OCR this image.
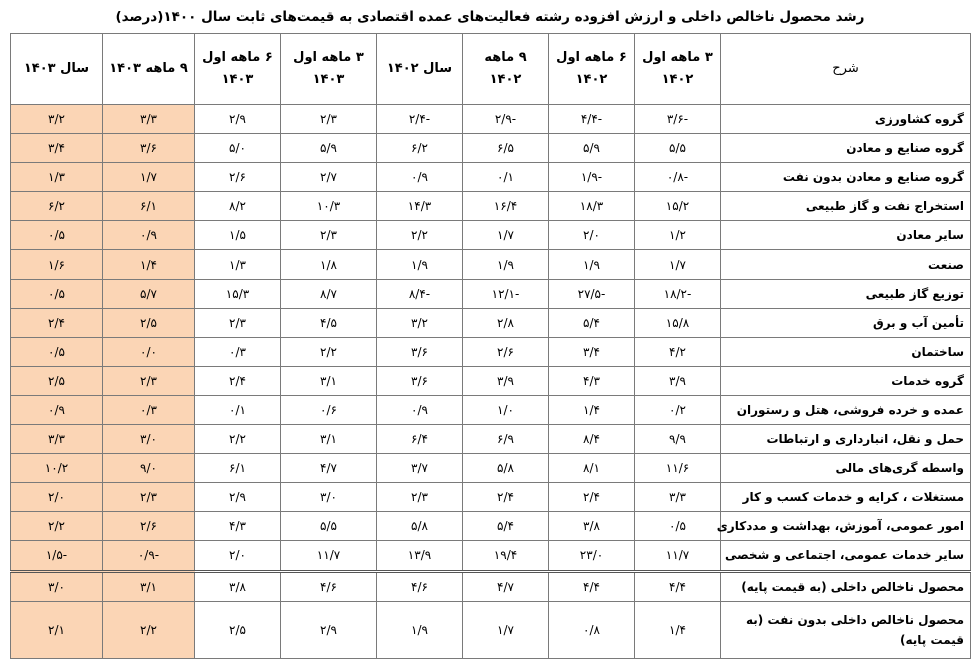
رشد محصول ناخالص داخلی و ارزش افزوده رشته فعالیت‌های عمده اقتصادی به قیمت‌های ثابت سال ۱۴۰۰(درصد)
شرح	۳ ماهه اول ۱۴۰۲	۶ ماهه اول ۱۴۰۲	۹ ماهه ۱۴۰۲	سال ۱۴۰۲	۳ ماهه اول ۱۴۰۳	۶ ماهه اول ۱۴۰۳	۹ ماهه ۱۴۰۳	سال ۱۴۰۳
گروه کشاورزی	-۳/۶	-۴/۴	-۲/۹	-۲/۴	۲/۳	۲/۹	۳/۳	۳/۲
گروه صنایع و معادن	۵/۵	۵/۹	۶/۵	۶/۲	۵/۹	۵/۰	۳/۶	۳/۴
گروه صنایع و معادن بدون نفت	-۰/۸	-۱/۹	۰/۱	۰/۹	۲/۷	۲/۶	۱/۷	۱/۳
استخراج نفت و گاز طبیعی	۱۵/۲	۱۸/۳	۱۶/۴	۱۴/۳	۱۰/۳	۸/۲	۶/۱	۶/۲
سایر معادن	۱/۲	۲/۰	۱/۷	۲/۲	۲/۳	۱/۵	۰/۹	۰/۵
صنعت	۱/۷	۱/۹	۱/۹	۱/۹	۱/۸	۱/۳	۱/۴	۱/۶
توزیع گاز طبیعی	-۱۸/۲	-۲۷/۵	-۱۲/۱	-۸/۴	۸/۷	۱۵/۳	۵/۷	۰/۵
تأمین آب و برق	۱۵/۸	۵/۴	۲/۸	۳/۲	۴/۵	۲/۳	۲/۵	۲/۴
ساختمان	۴/۲	۳/۴	۲/۶	۳/۶	۲/۲	۰/۳	۰/۰	۰/۵
گروه خدمات	۳/۹	۴/۳	۳/۹	۳/۶	۳/۱	۲/۴	۲/۳	۲/۵
عمده و خرده فروشی، هتل و رستوران	۰/۲	۱/۴	۱/۰	۰/۹	۰/۶	۰/۱	۰/۳	۰/۹
حمل و نقل، انبارداری و ارتباطات	۹/۹	۸/۴	۶/۹	۶/۴	۳/۱	۲/۲	۳/۰	۳/۳
واسطه گری‌های مالی	۱۱/۶	۸/۱	۵/۸	۳/۷	۴/۷	۶/۱	۹/۰	۱۰/۲
مستغلات ، کرایه و خدمات کسب و کار	۳/۳	۲/۴	۲/۴	۲/۳	۳/۰	۲/۹	۲/۳	۲/۰
امور عمومی، آموزش، بهداشت و مددکاری	۰/۵	۳/۸	۵/۴	۵/۸	۵/۵	۴/۳	۲/۶	۲/۲
سایر خدمات عمومی، اجتماعی و شخصی	۱۱/۷	۲۳/۰	۱۹/۴	۱۳/۹	۱۱/۷	۲/۰	-۰/۹	-۱/۵
محصول ناخالص داخلی (به قیمت پایه)	۴/۴	۴/۴	۴/۷	۴/۶	۴/۶	۳/۸	۳/۱	۳/۰
محصول ناخالص داخلی بدون نفت (به قیمت پایه)	۱/۴	۰/۸	۱/۷	۱/۹	۲/۹	۲/۵	۲/۲	۲/۱
